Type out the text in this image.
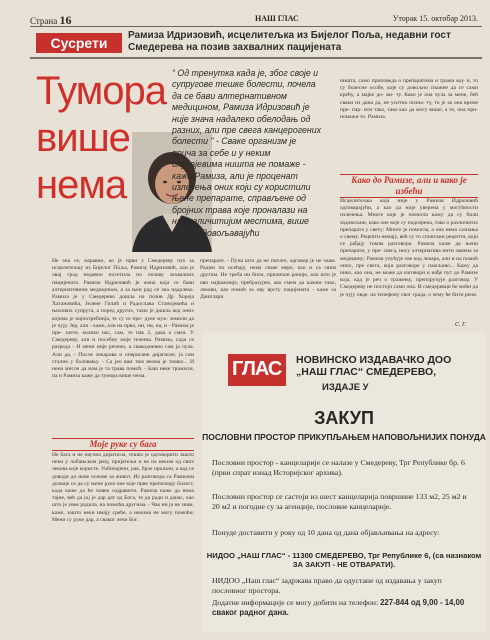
Страна 16	НАШ ГЛАС	Уторак 15. октобар 2013.
Сусрети	Рамиза Идризовић, исцелитељка из Бијелог Поља, недавни гост Смедерева на позив захвалних пацијената
Тумора
више
нема
“ Од тренутка када је, због своје и супругове тешке болести, почела да се бави алтернативном медицином, Рамиза Идризовић је није знача надалеко обелодањ од разних, али пре свега канцерогених болести ” - Свакe организм је прича за себе и у неким случајевима ништа не помаже - каже Рамиза, али је проценат излечења оних који су користили њене препарате, справљене од бројних трава које проналази на најразличитијим местима, више него задовољавајући
ништа, само приповеда о препаратима и тражи кој- и, то су болесне особе, које су довољно снажне да се сами крећу, а мајке до- ви- ту. Како је она чула за мене, бећ сваки из дана да, не уситно позна- ту, то је за она време пре- пар- ити тако, тако као да могу више, а то, она при- помажи то. Рамиза.
Како до Рамизе, али и како је избећи
Исцелитељка која није у Рамизи Идризовић одговарајући, а као да није уверена у могућности излечења. Многе које је помогла кажу да су били задовољни, како оне које су подозрена, тако о различитих препарата у свету: Многе је помогла, а она нема сазнања о свему. Рецепти немају, већ су то спонтани рецепти, који се рађају током разговора. Рамиза каже да њени препарати, у пре- свега, нису алтернатива нити замена за медицину; Рамиза упућује све код лекара, али и на помоћ оних, пре свега, који разговоре у пажљиво... Кажу да нико, као она, не може да изговори и нађе пут до Рамизе која, кад је реч о тражењу, препоручује разговор. У Смедереву не постоји само она. И смедеревци ће моћи да је чују овде, на телефону свог града, о чему ће бити речи.
С. Г.
Не зна се, наравно, ко је први у Смедереву чуо за исцелитељку из Бијелог Поља, Рамизу Идризовић, али је овај град недавно посетила по позиву захвалних пацијената. Рамиза Идризовић је жена која се бави алтернативном медицином, а за њен рад се зна надалеко. Рамиза је у Смедерево дошла на позив Др Хореја Хатановића, Јелене Гилић и Радослава Станојевића и њихових супруга, а поред других, тамо је дошла код оних којима је најпотребнија, те су се пре- дуке мук- зомили да је чују. Јер, али - каже, али на прво, ни, ни, на, и - Рамиза је пре- злете, колико нас, сам, те пак 2, дака а смеа. У Смедереву, али и посебну моје тежина. Рамиза, сада се разреда - И мени није речено, а свакодневно сам ја чула. Али да, - После лекарова и оперисане дијагнозе, ја сам стално у боловању. - Са јео вам тим веома је тешко... И неки мисле да нам је та трава помоћ. - Баш неке тражили, па и Рамиза каже да тумора више нема.
препарате. - Пуна што да не питате, одговор је не знам. Радим по осећају, нема сваке мере, као и са свим другим. Не треба ни бити, приличан раније, али што је ово најважније, пребразујем, ако смем да кажем тако, лекови, као помоћ за ову врсту пацијената - каже за Данплари.
Моје руке су бага
Не бага и не научна дијагноза, тешко је одговорити зашто неки у лобањском јаму, пријатељи и не на неким од свих лекова које користе. Уобичајени, рак, брзо пролази, а кад се доводи до нове основе за живот. Из разговора са Рамизом дознаје се да су њене руке оне које прве препознају болест, када каже да ће човек оздравити. Рамиза каже да нема тајне, већ да јој је дар дат од Бога, те да ради и данас, као што је увек радила, на помоћи другима. - Чак ни ја не знам, каже, зашто неки имају среће, а некима не могу помоћи. Мени су руке дар, а сваког лечи Бог.
ГЛАС НОВИНСКО ИЗДАВАЧКО ДОО „НАШ ГЛАС“ СМЕДЕРЕВО,
ИЗДАЈЕ У
ЗАКУП
ПОСЛОВНИ ПРОСТОР ПРИКУПЉАЊЕМ НАПОВОЉНИЈИХ ПОНУДА
Пословни простор - канцеларије се налазе у Смедереву, Трг Републике бр. 6 (први спрат изнад Историјског архива).
Пословни простор се састоји из шест канцеларија површине 133 м2, 25 м2 и 20 м2 и погодне су за агенције, пословне канцеларије.
Понуде доставити у року од 10 дана од дана објављивања на адресу:
НИДОО „НАШ ГЛАС“ - 11300 СМЕДЕРЕВО, Трг Републике 6, (са назнаком ЗА ЗАКУП - НЕ ОТВАРАТИ).
НИДОО „Наш глас“ задржава право да одустане од издавања у закуп пословног простора.
Додатне информације се могу добити на телефон: 227-844 од 9,00 - 14,00 сваког радног дана.
